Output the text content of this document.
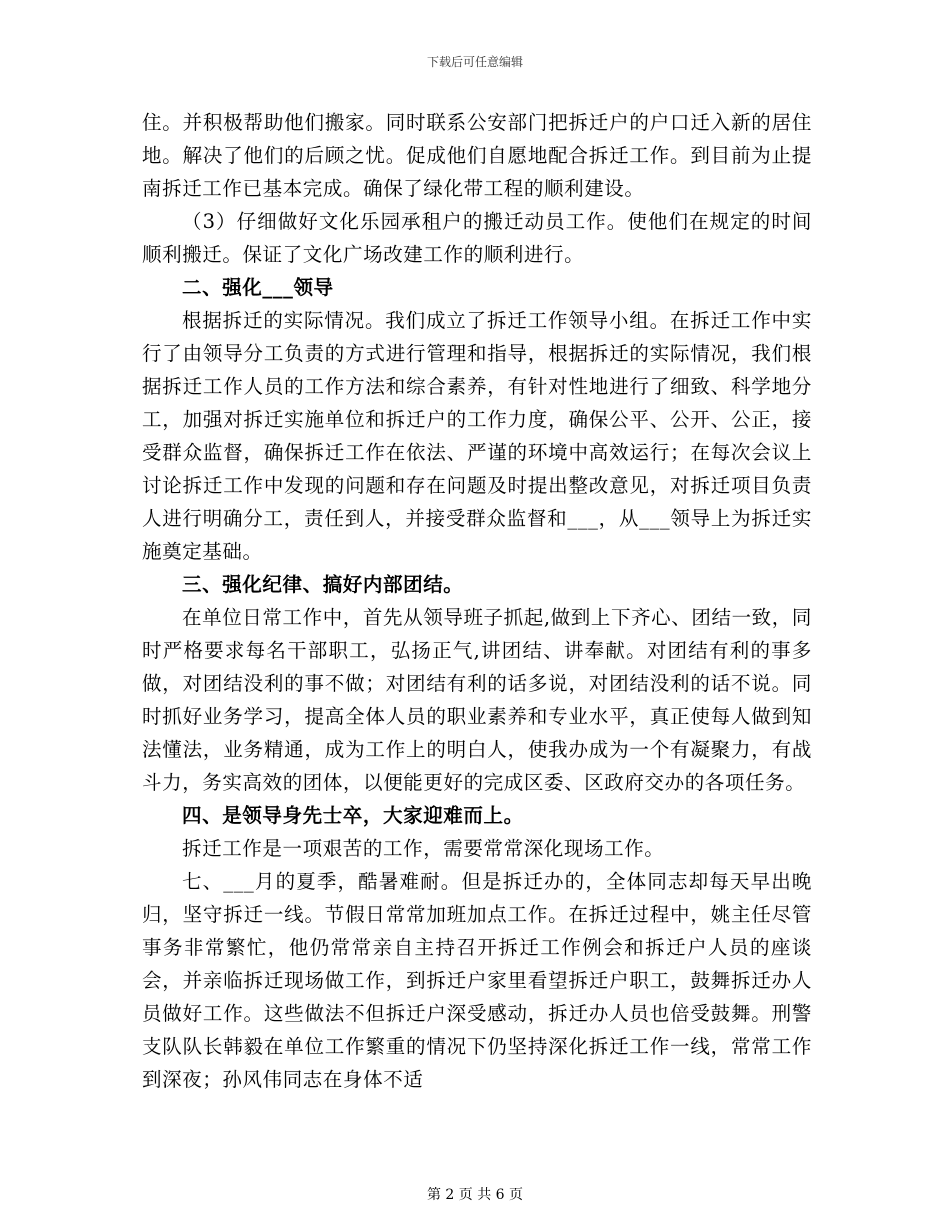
下载后可任意编辑

住。并积极帮助他们搬家。同时联系公安部门把拆迁户的户口迁入新的居住地。解决了他们的后顾之忧。促成他们自愿地配合拆迁工作。到目前为止提南拆迁工作已基本完成。确保了绿化带工程的顺利建设。

（3）仔细做好文化乐园承租户的搬迁动员工作。使他们在规定的时间顺利搬迁。保证了文化广场改建工作的顺利进行。

二、强化___领导

根据拆迁的实际情况。我们成立了拆迁工作领导小组。在拆迁工作中实行了由领导分工负责的方式进行管理和指导，根据拆迁的实际情况，我们根据拆迁工作人员的工作方法和综合素养，有针对性地进行了细致、科学地分工，加强对拆迁实施单位和拆迁户的工作力度，确保公平、公开、公正，接受群众监督，确保拆迁工作在依法、严谨的环境中高效运行；在每次会议上讨论拆迁工作中发现的问题和存在问题及时提出整改意见，对拆迁项目负责人进行明确分工，责任到人，并接受群众监督和___，从___领导上为拆迁实施奠定基础。

三、强化纪律、搞好内部团结。

在单位日常工作中，首先从领导班子抓起,做到上下齐心、团结一致，同时严格要求每名干部职工，弘扬正气,讲团结、讲奉献。对团结有利的事多做，对团结没利的事不做；对团结有利的话多说，对团结没利的话不说。同时抓好业务学习，提高全体人员的职业素养和专业水平，真正使每人做到知法懂法，业务精通，成为工作上的明白人，使我办成为一个有凝聚力，有战斗力，务实高效的团体，以便能更好的完成区委、区政府交办的各项任务。

四、是领导身先士卒，大家迎难而上。

拆迁工作是一项艰苦的工作，需要常常深化现场工作。

七、___月的夏季，酷暑难耐。但是拆迁办的，全体同志却每天早出晚归，坚守拆迁一线。节假日常常加班加点工作。在拆迁过程中，姚主任尽管事务非常繁忙，他仍常常亲自主持召开拆迁工作例会和拆迁户人员的座谈会，并亲临拆迁现场做工作，到拆迁户家里看望拆迁户职工，鼓舞拆迁办人员做好工作。这些做法不但拆迁户深受感动，拆迁办人员也倍受鼓舞。刑警支队队长韩毅在单位工作繁重的情况下仍坚持深化拆迁工作一线，常常工作到深夜；孙风伟同志在身体不适

第 2 页 共 6 页
